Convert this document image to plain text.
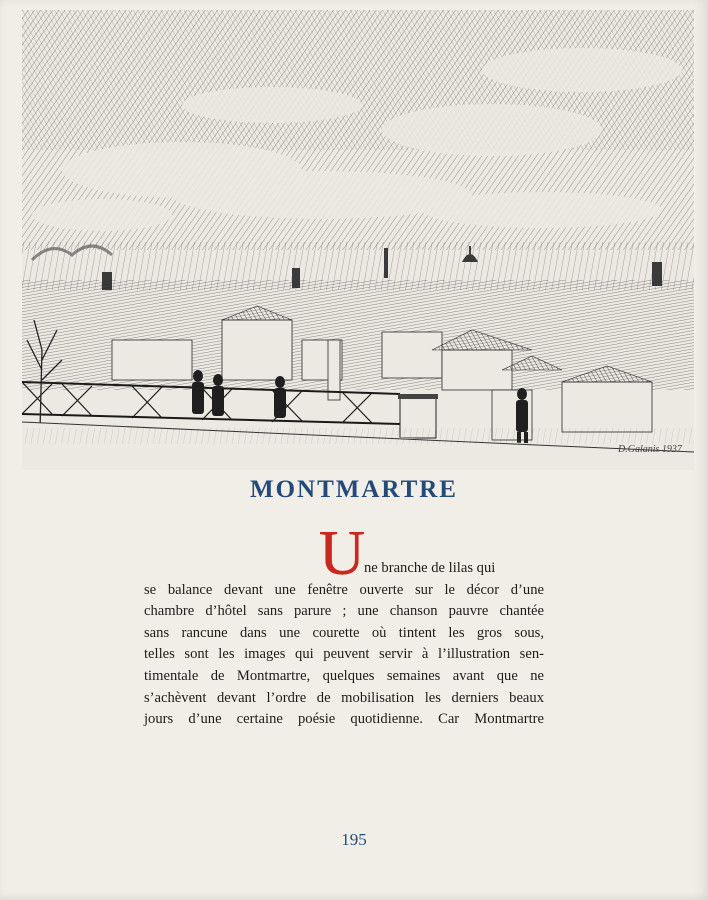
D.Galanis 1937
MONTMARTRE
U
ne branche de lilas qui
se balance devant une fenêtre ouverte sur le décor d’une
chambre d’hôtel sans parure ; une chanson pauvre chantée
sans rancune dans une courette où tintent les gros sous,
telles sont les images qui peuvent servir à l’illustration sen-
timentale de Montmartre, quelques semaines avant que ne
s’achèvent devant l’ordre de mobilisation les derniers beaux
jours d’une certaine poésie quotidienne. Car Montmartre
195
